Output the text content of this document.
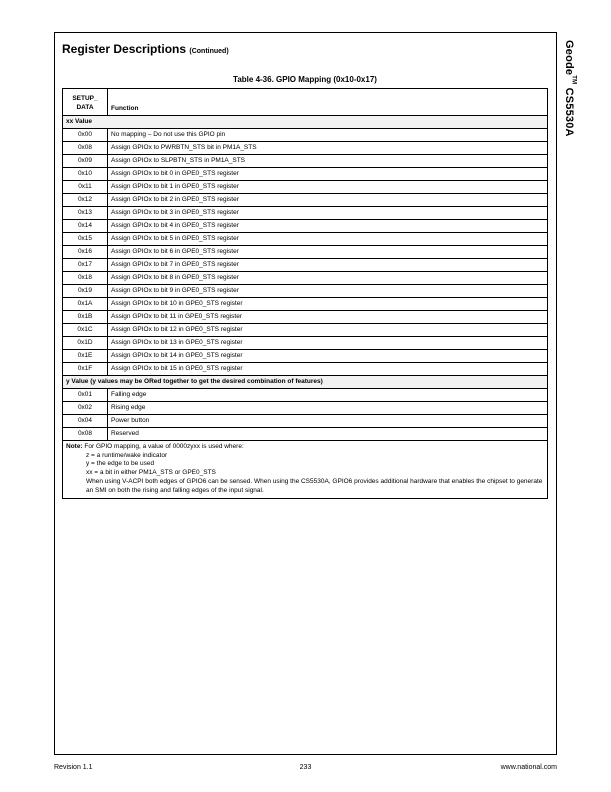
Geode™ CS5530A
Register Descriptions (Continued)
Table 4-36. GPIO Mapping (0x10-0x17)
SETUP_ DATA	Function
xx Value	
0x00	No mapping – Do not use this GPIO pin
0x08	Assign GPIOx to PWRBTN_STS bit in PM1A_STS
0x09	Assign GPIOx to SLPBTN_STS in PM1A_STS
0x10	Assign GPIOx to bit 0 in GPE0_STS register
0x11	Assign GPIOx to bit 1 in GPE0_STS register
0x12	Assign GPIOx to bit 2 in GPE0_STS register
0x13	Assign GPIOx to bit 3 in GPE0_STS register
0x14	Assign GPIOx to bit 4 in GPE0_STS register
0x15	Assign GPIOx to bit 5 in GPE0_STS register
0x16	Assign GPIOx to bit 6 in GPE0_STS register
0x17	Assign GPIOx to bit 7 in GPE0_STS register
0x18	Assign GPIOx to bit 8 in GPE0_STS register
0x19	Assign GPIOx to bit 9 in GPE0_STS register
0x1A	Assign GPIOx to bit 10 in GPE0_STS register
0x1B	Assign GPIOx to bit 11 in GPE0_STS register
0x1C	Assign GPIOx to bit 12 in GPE0_STS register
0x1D	Assign GPIOx to bit 13 in GPE0_STS register
0x1E	Assign GPIOx to bit 14 in GPE0_STS register
0x1F	Assign GPIOx to bit 15 in GPE0_STS register
y Value (y values may be ORed together to get the desired combination of features)	
0x01	Falling edge
0x02	Rising edge
0x04	Power button
0x08	Reserved

Note: For GPIO mapping, a value of 0000zyxx is used where:
z = a runtime/wake indicator
y = the edge to be used
xx = a bit in either PM1A_STS or GPE0_STS
When using V-ACPI both edges of GPIO6 can be sensed. When using the CS5530A, GPIO6 provides additional hardware that enables the chipset to generate an SMI on both the rising and falling edges of the input signal.	
Revision 1.1	233	www.national.com
